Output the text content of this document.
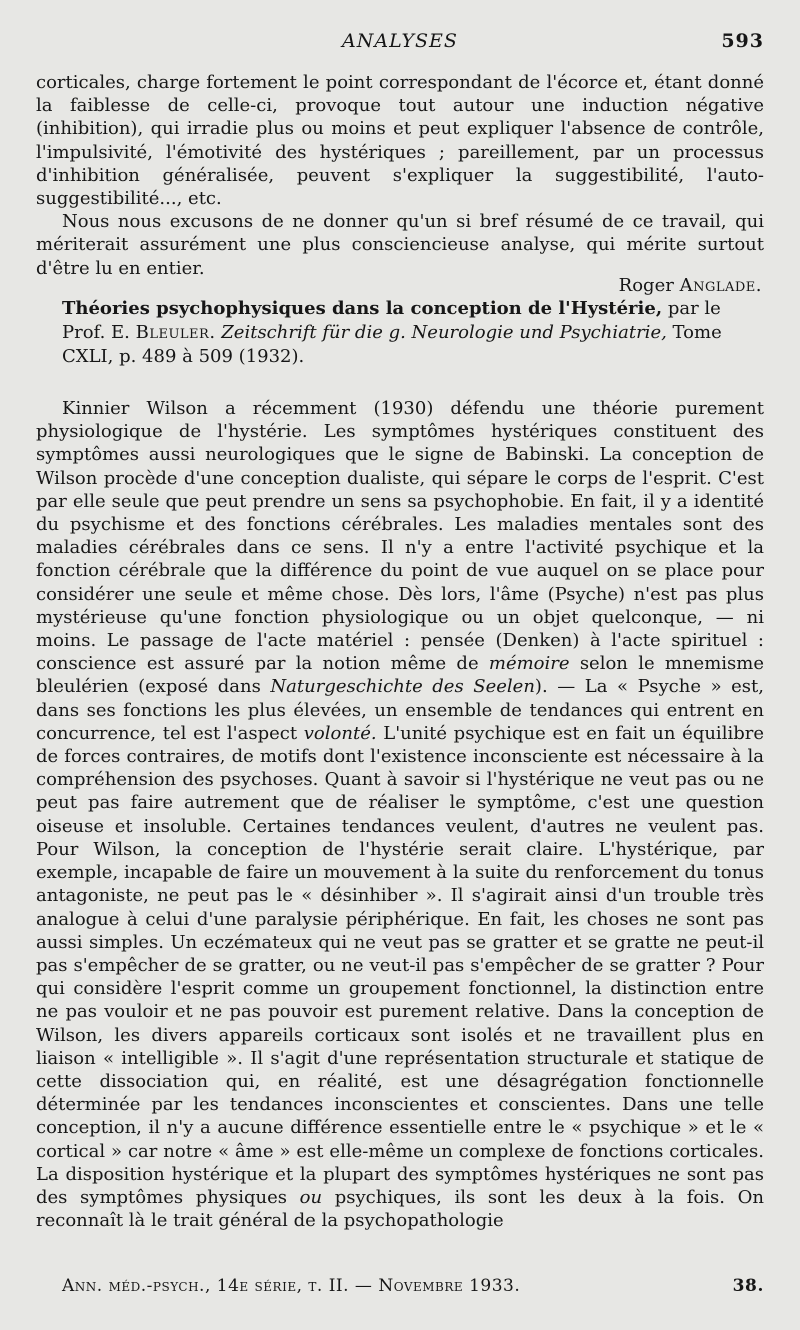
ANALYSES	593

corticales, charge fortement le point correspondant de l'écorce et, étant donné la faiblesse de celle-ci, provoque tout autour une induction négative (inhibition), qui irradie plus ou moins et peut expliquer l'absence de contrôle, l'impulsivité, l'émotivité des hystériques ; pareillement, par un processus d'inhibition généralisée, peuvent s'expliquer la suggestibilité, l'auto-suggestibilité..., etc.

Nous nous excusons de ne donner qu'un si bref résumé de ce travail, qui mériterait assurément une plus consciencieuse analyse, qui mérite surtout d'être lu en entier.

Roger Anglade.

Théories psychophysiques dans la conception de l'Hystérie, par le Prof. E. Bleuler. Zeitschrift für die g. Neurologie und Psychiatrie, Tome CXLI, p. 489 à 509 (1932).

Kinnier Wilson a récemment (1930) défendu une théorie purement physiologique de l'hystérie. Les symptômes hystériques constituent des symptômes aussi neurologiques que le signe de Babinski. La conception de Wilson procède d'une conception dualiste, qui sépare le corps de l'esprit. C'est par elle seule que peut prendre un sens sa psychophobie. En fait, il y a identité du psychisme et des fonctions cérébrales. Les maladies mentales sont des maladies cérébrales dans ce sens. Il n'y a entre l'activité psychique et la fonction cérébrale que la différence du point de vue auquel on se place pour considérer une seule et même chose. Dès lors, l'âme (Psyche) n'est pas plus mystérieuse qu'une fonction physiologique ou un objet quelconque, — ni moins. Le passage de l'acte matériel : pensée (Denken) à l'acte spirituel : conscience est assuré par la notion même de mémoire selon le mnemisme bleulérien (exposé dans Naturgeschichte des Seelen). — La « Psyche » est, dans ses fonctions les plus élevées, un ensemble de tendances qui entrent en concurrence, tel est l'aspect volonté. L'unité psychique est en fait un équilibre de forces contraires, de motifs dont l'existence inconsciente est nécessaire à la compréhension des psychoses. Quant à savoir si l'hystérique ne veut pas ou ne peut pas faire autrement que de réaliser le symptôme, c'est une question oiseuse et insoluble. Certaines tendances veulent, d'autres ne veulent pas. Pour Wilson, la conception de l'hystérie serait claire. L'hystérique, par exemple, incapable de faire un mouvement à la suite du renforcement du tonus antagoniste, ne peut pas le « désinhiber ». Il s'agirait ainsi d'un trouble très analogue à celui d'une paralysie périphérique. En fait, les choses ne sont pas aussi simples. Un eczémateux qui ne veut pas se gratter et se gratte ne peut-il pas s'empêcher de se gratter, ou ne veut-il pas s'empêcher de se gratter ? Pour qui considère l'esprit comme un groupement fonctionnel, la distinction entre ne pas vouloir et ne pas pouvoir est purement relative. Dans la conception de Wilson, les divers appareils corticaux sont isolés et ne travaillent plus en liaison « intelligible ». Il s'agit d'une représentation structurale et statique de cette dissociation qui, en réalité, est une désagrégation fonctionnelle déterminée par les tendances inconscientes et conscientes. Dans une telle conception, il n'y a aucune différence essentielle entre le « psychique » et le « cortical » car notre « âme » est elle-même un complexe de fonctions corticales. La disposition hystérique et la plupart des symptômes hystériques ne sont pas des symptômes physiques ou psychiques, ils sont les deux à la fois. On reconnaît là le trait général de la psychopathologie

Ann. méd.-psych., 14e série, t. II. — Novembre 1933.	38.
